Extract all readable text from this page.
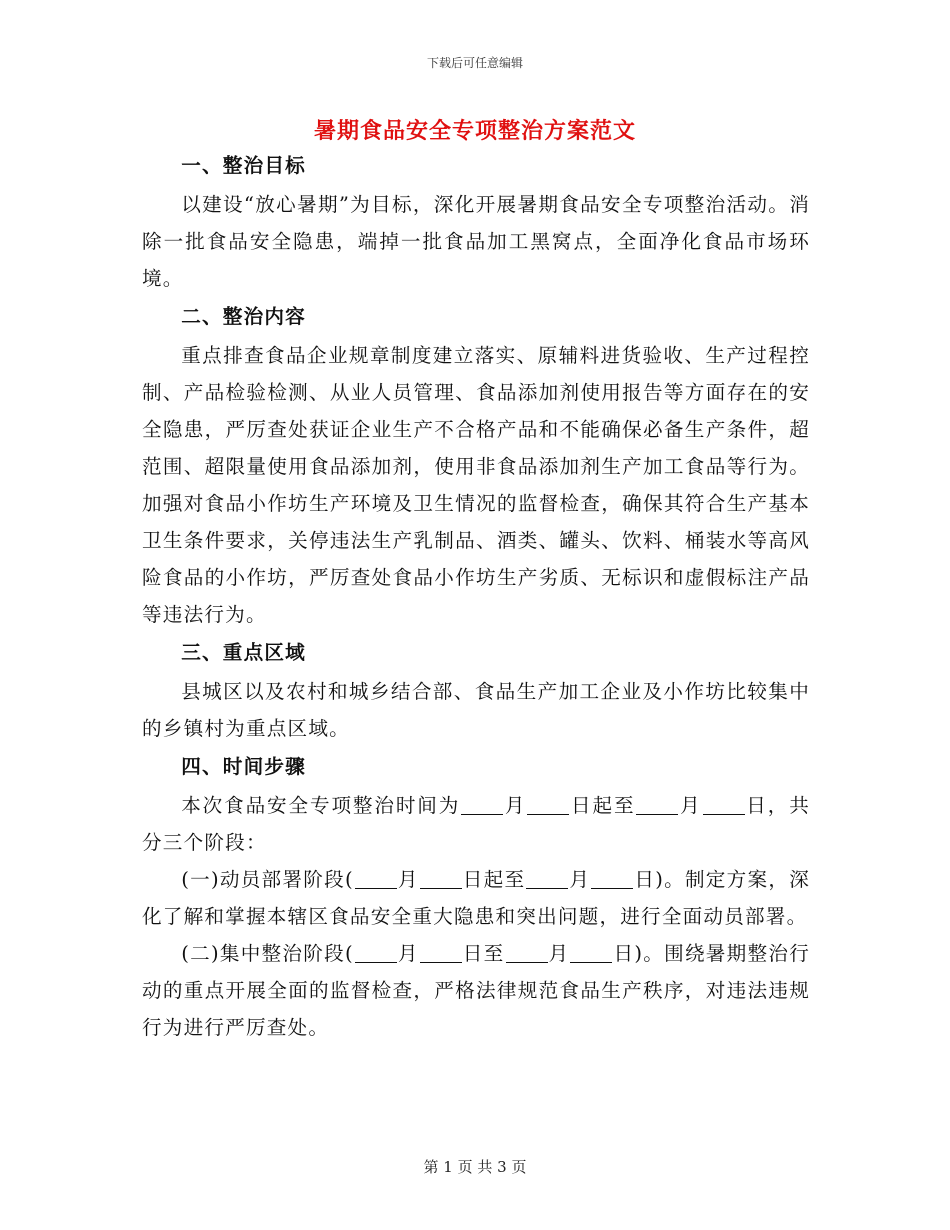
下载后可任意编辑
暑期食品安全专项整治方案范文
一、整治目标

以建设“放心暑期”为目标，深化开展暑期食品安全专项整治活动。消除一批食品安全隐患，端掉一批食品加工黑窝点，全面净化食品市场环境。

二、整治内容

重点排查食品企业规章制度建立落实、原辅料进货验收、生产过程控制、产品检验检测、从业人员管理、食品添加剂使用报告等方面存在的安全隐患，严厉查处获证企业生产不合格产品和不能确保必备生产条件，超范围、超限量使用食品添加剂，使用非食品添加剂生产加工食品等行为。加强对食品小作坊生产环境及卫生情况的监督检查，确保其符合生产基本卫生条件要求，关停违法生产乳制品、酒类、罐头、饮料、桶装水等高风险食品的小作坊，严厉查处食品小作坊生产劣质、无标识和虚假标注产品等违法行为。

三、重点区域

县城区以及农村和城乡结合部、食品生产加工企业及小作坊比较集中的乡镇村为重点区域。

四、时间步骤

本次食品安全专项整治时间为 月 日起至 月 日，共分三个阶段：

(一)动员部署阶段( 月 日起至 月 日)。制定方案，深化了解和掌握本辖区食品安全重大隐患和突出问题，进行全面动员部署。

(二)集中整治阶段( 月 日至 月 日)。围绕暑期整治行动的重点开展全面的监督检查，严格法律规范食品生产秩序，对违法违规行为进行严厉查处。

第 1 页 共 3 页
